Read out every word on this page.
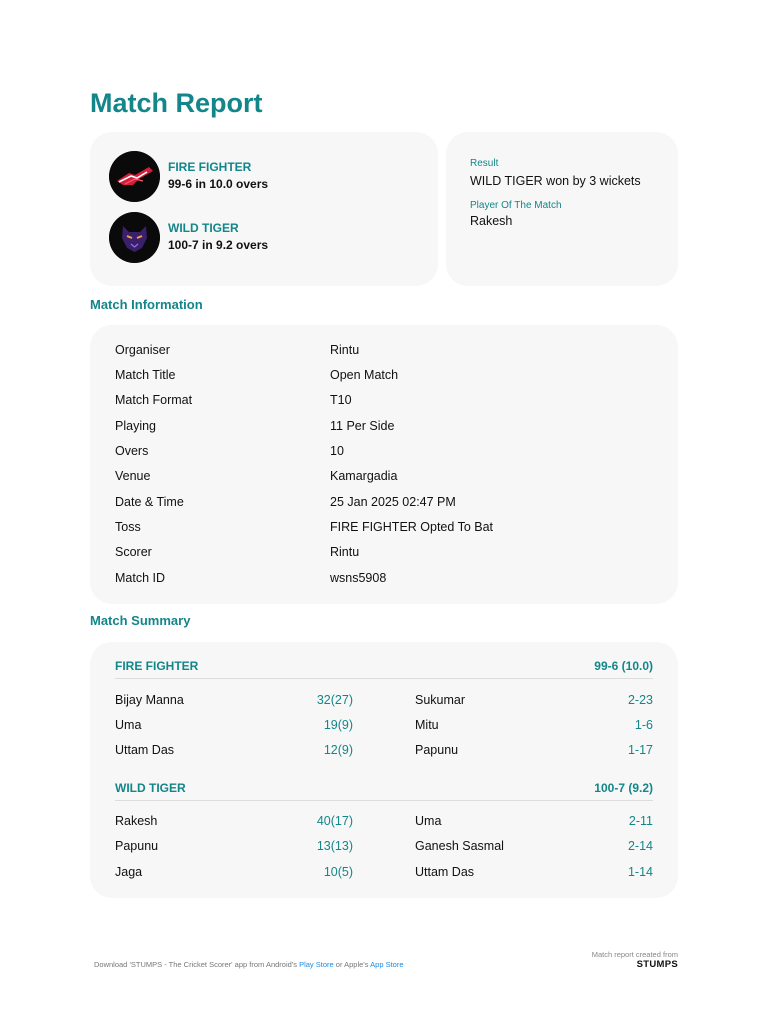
Match Report
FIRE FIGHTER
99-6 in 10.0 overs
WILD TIGER
100-7 in 9.2 overs
Result
WILD TIGER won by 3 wickets
Player Of The Match
Rakesh
Match Information
Organiser	Rintu
Match Title	Open Match
Match Format	T10
Playing	11 Per Side
Overs	10
Venue	Kamargadia
Date & Time	25 Jan 2025 02:47 PM
Toss	FIRE FIGHTER Opted To Bat
Scorer	Rintu
Match ID	wsns5908
Match Summary
FIRE FIGHTER	99-6 (10.0)
Bijay Manna	32(27)	Sukumar	2-23
Uma	19(9)	Mitu	1-6
Uttam Das	12(9)	Papunu	1-17
WILD TIGER	100-7 (9.2)
Rakesh	40(17)	Uma	2-11
Papunu	13(13)	Ganesh Sasmal	2-14
Jaga	10(5)	Uttam Das	1-14
Download 'STUMPS - The Cricket Scorer' app from Android's Play Store or Apple's App Store
Match report created from
STUMPS
